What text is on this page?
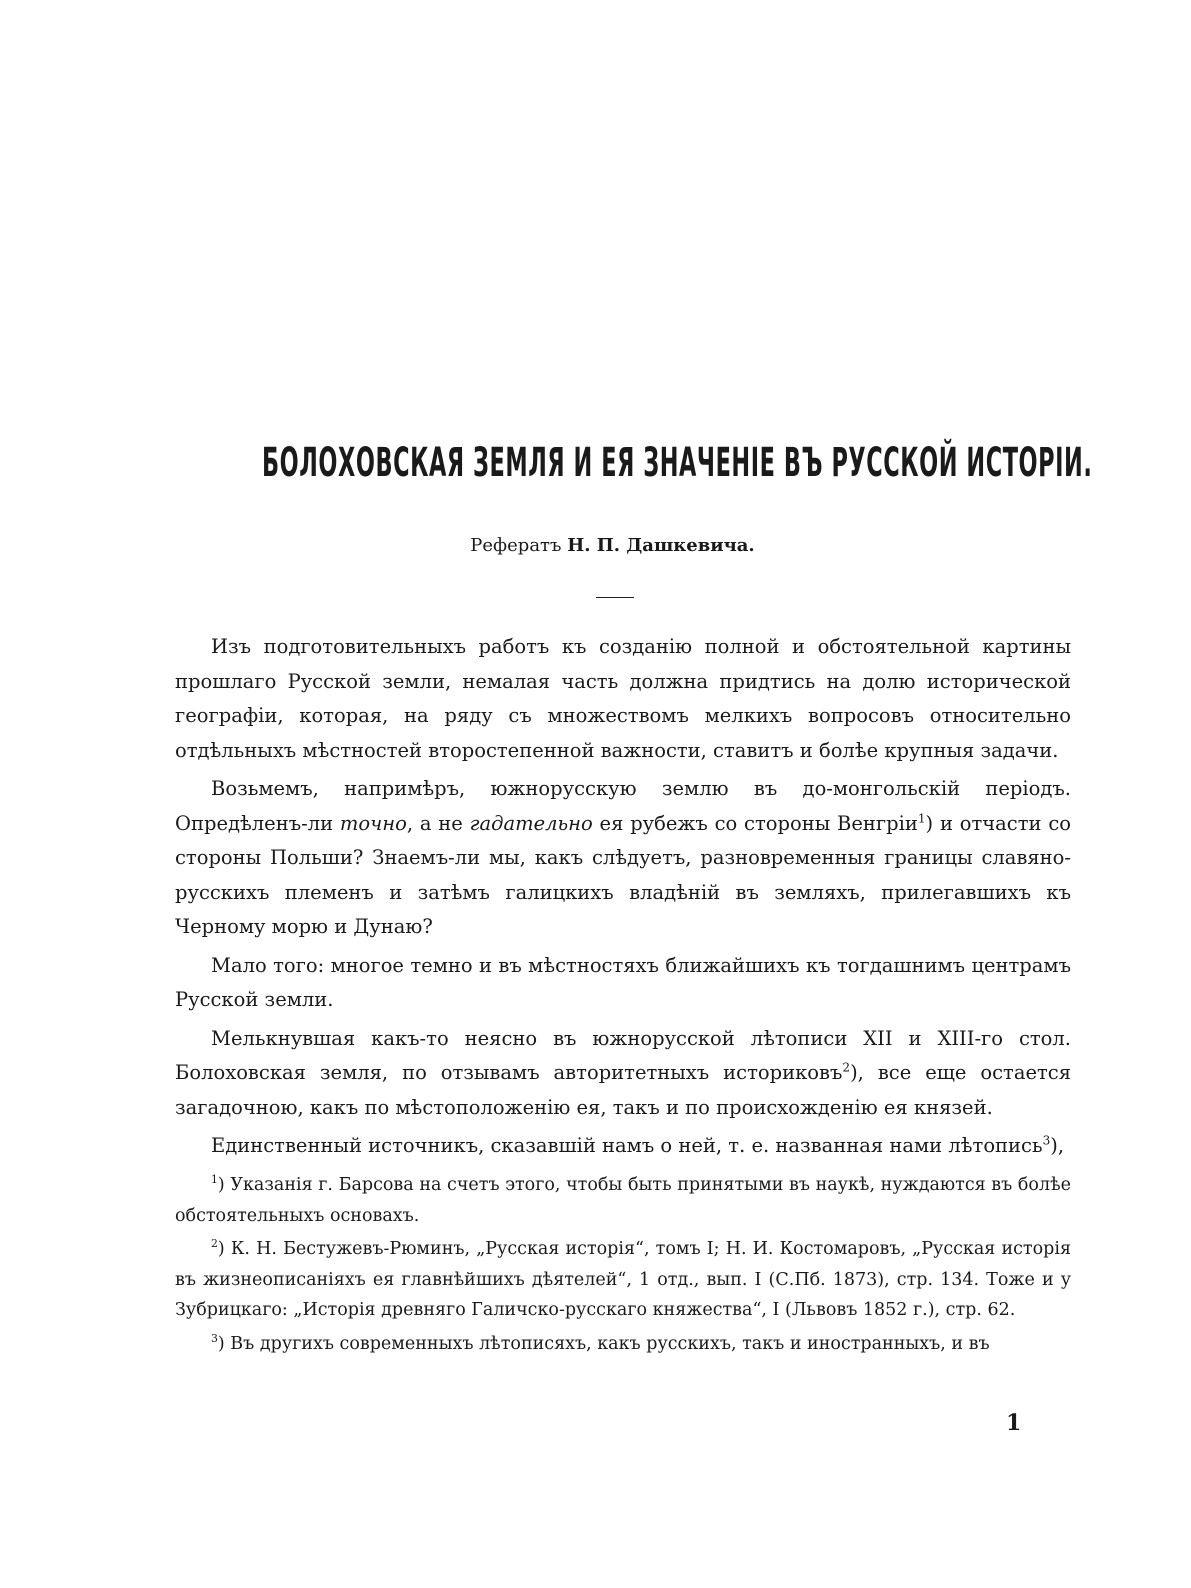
БОЛОХОВСКАЯ ЗЕМЛЯ И ЕЯ ЗНАЧЕНІЕ ВЪ РУССКОЙ ИСТОРІИ.
Рефератъ Н. П. Дашкевича.

Изъ подготовительныхъ работъ къ созданію полной и обстоятельной картины прошлаго Русской земли, немалая часть должна придтись на долю исторической географіи, которая, на ряду съ множествомъ мелкихъ вопросовъ относительно отдѣльныхъ мѣстностей второстепенной важности, ставитъ и болѣе крупныя задачи.

Возьмемъ, напримѣръ, южнорусскую землю въ до-монгольскій періодъ. Опредѣленъ-ли точно, а не гадательно ея рубежъ со стороны Венгріи$^1$) и отчасти со стороны Польши? Знаемъ-ли мы, какъ слѣдуетъ, разновременныя границы славяно-русскихъ племенъ и затѣмъ галицкихъ владѣній въ земляхъ, прилегавшихъ къ Черному морю и Дунаю?

Мало того: многое темно и въ мѣстностяхъ ближайшихъ къ тогдашнимъ центрамъ Русской земли.

Мелькнувшая какъ-то неясно въ южнорусской лѣтописи XII и XIII-го стол. Болоховская земля, по отзывамъ авторитетныхъ историковъ$^2$), все еще остается загадочною, какъ по мѣстоположенію ея, такъ и по происхожденію ея князей.

Единственный источникъ, сказавшій намъ о ней, т. е. названная нами лѣтопись$^3$),

$^1$) Указанія г. Барсова на счетъ этого, чтобы быть принятыми въ наукѣ, нуждаются въ болѣе обстоятельныхъ основахъ.

$^2$) К. Н. Бестужевъ-Рюминъ, „Русская исторія“, томъ I; Н. И. Костомаровъ, „Русская исторія въ жизнеописаніяхъ ея главнѣйшихъ дѣятелей“, 1 отд., вып. I (С.Пб. 1873), стр. 134. Тоже и у Зубрицкаго: „Исторія древняго Галичско-русскаго княжества“, I (Львовъ 1852 г.), стр. 62.

$^3$) Въ другихъ современныхъ лѣтописяхъ, какъ русскихъ, такъ и иностранныхъ, и въ

1
